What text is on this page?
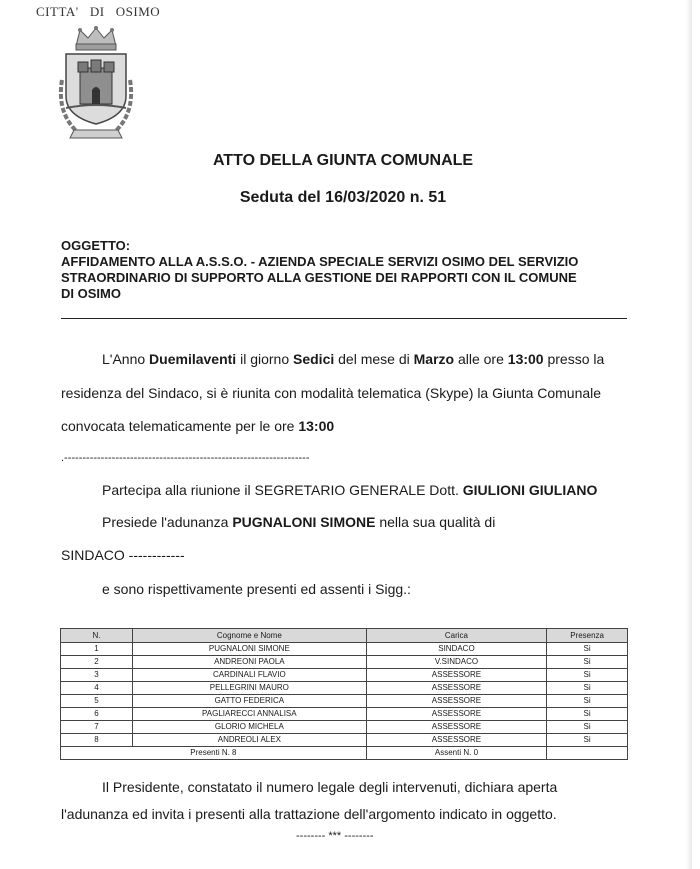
CITTA'   DI   OSIMO
ATTO DELLA GIUNTA COMUNALE
Seduta del 16/03/2020 n. 51
OGGETTO:
AFFIDAMENTO ALLA A.S.S.O. - AZIENDA SPECIALE SERVIZI OSIMO DEL SERVIZIO
STRAORDINARIO DI SUPPORTO ALLA GESTIONE DEI RAPPORTI CON IL COMUNE
DI OSIMO
L'Anno Duemilaventi il giorno Sedici del mese di Marzo alle ore 13:00 presso la
residenza del Sindaco, si è riunita con modalità telematica (Skype) la Giunta Comunale
convocata telematicamente per le ore 13:00
.-------------------------------------------------------------------
Partecipa alla riunione il SEGRETARIO GENERALE Dott. GIULIONI GIULIANO
Presiede l'adunanza PUGNALONI SIMONE nella sua qualità di
SINDACO ------------
e sono rispettivamente presenti ed assenti i Sigg.:
N.	Cognome e Nome	Carica	Presenza
1	PUGNALONI SIMONE	SINDACO	Si
2	ANDREONI PAOLA	V.SINDACO	Si
3	CARDINALI FLAVIO	ASSESSORE	Si
4	PELLEGRINI MAURO	ASSESSORE	Si
5	GATTO FEDERICA	ASSESSORE	Si
6	PAGLIARECCI ANNALISA	ASSESSORE	Si
7	GLORIO MICHELA	ASSESSORE	Si
8	ANDREOLI ALEX	ASSESSORE	Si
Presenti N. 8		Assenti N. 0	
Il Presidente, constatato il numero legale degli intervenuti, dichiara aperta
l'adunanza ed invita i presenti alla trattazione dell'argomento indicato in oggetto.
-------- *** --------
